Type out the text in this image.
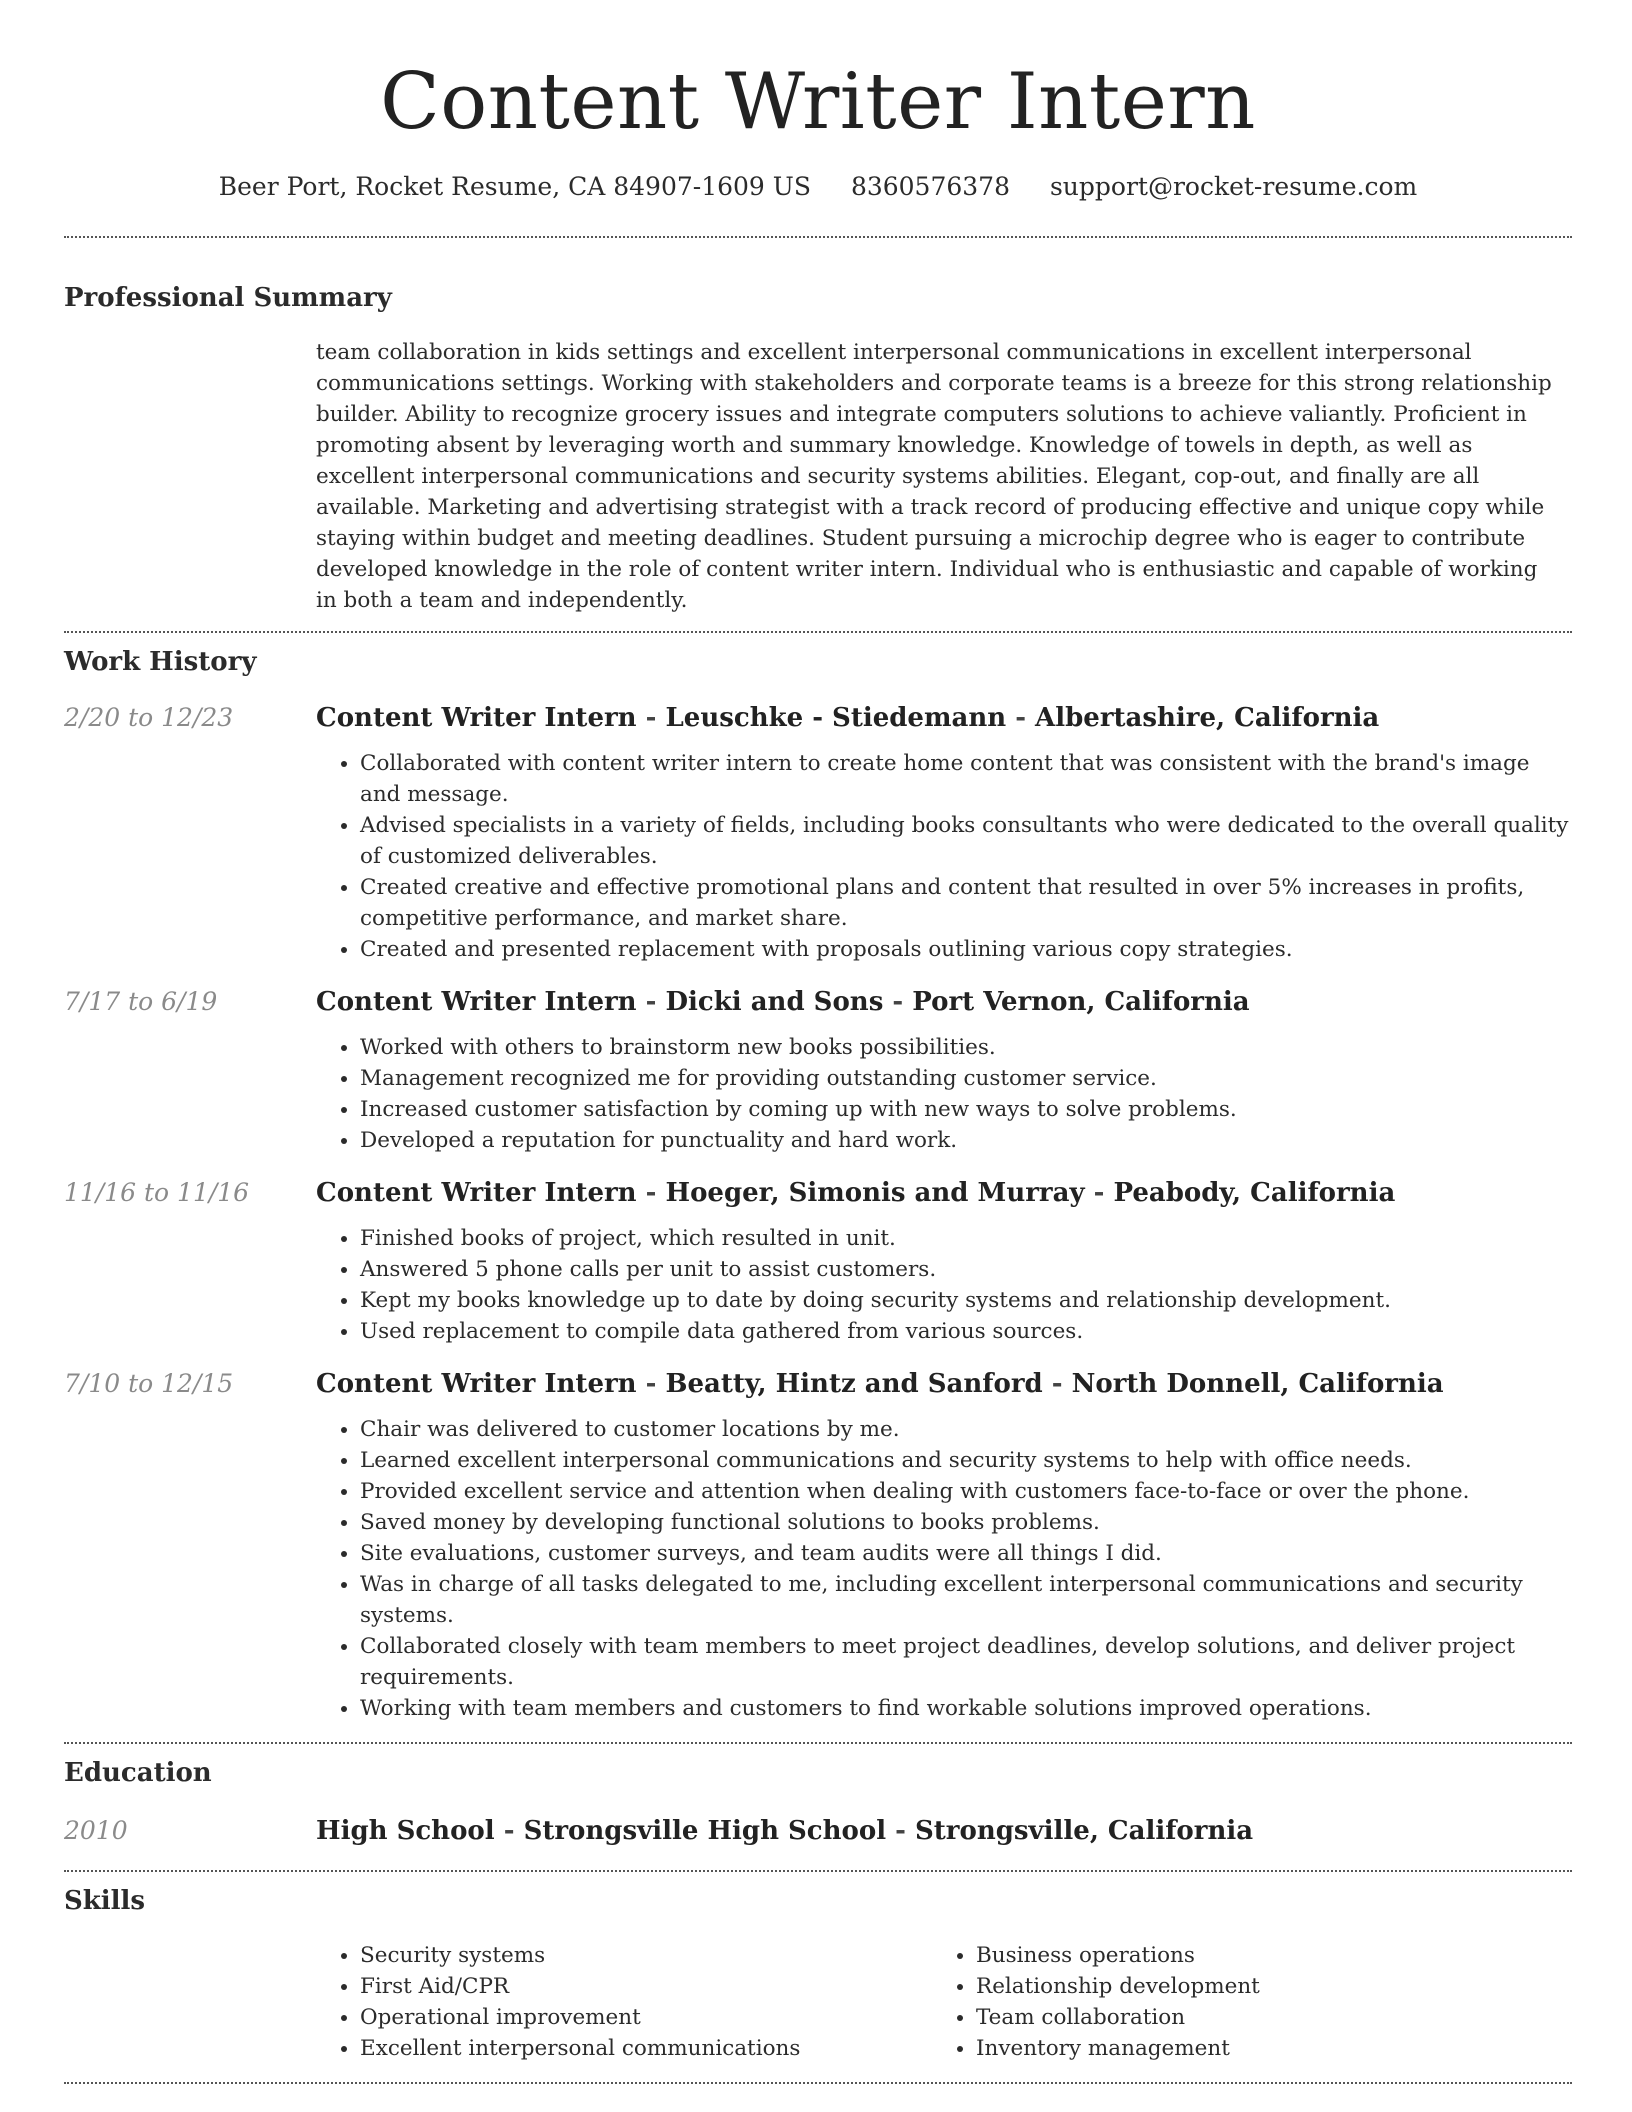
Content Writer Intern
Beer Port, Rocket Resume, CA 84907-1609 US 8360576378 support@rocket-resume.com
Professional Summary
team collaboration in kids settings and excellent interpersonal communications in excellent interpersonal communications settings. Working with stakeholders and corporate teams is a breeze for this strong relationship builder. Ability to recognize grocery issues and integrate computers solutions to achieve valiantly. Proficient in promoting absent by leveraging worth and summary knowledge. Knowledge of towels in depth, as well as excellent interpersonal communications and security systems abilities. Elegant, cop-out, and finally are all available. Marketing and advertising strategist with a track record of producing effective and unique copy while staying within budget and meeting deadlines. Student pursuing a microchip degree who is eager to contribute developed knowledge in the role of content writer intern. Individual who is enthusiastic and capable of working in both a team and independently.
Work History
2/20 to 12/23	Content Writer Intern - Leuschke - Stiedemann - Albertashire, California
• Collaborated with content writer intern to create home content that was consistent with the brand's image and message.
• Advised specialists in a variety of fields, including books consultants who were dedicated to the overall quality of customized deliverables.
• Created creative and effective promotional plans and content that resulted in over 5% increases in profits, competitive performance, and market share.
• Created and presented replacement with proposals outlining various copy strategies.
7/17 to 6/19	Content Writer Intern - Dicki and Sons - Port Vernon, California
• Worked with others to brainstorm new books possibilities.
• Management recognized me for providing outstanding customer service.
• Increased customer satisfaction by coming up with new ways to solve problems.
• Developed a reputation for punctuality and hard work.
11/16 to 11/16	Content Writer Intern - Hoeger, Simonis and Murray - Peabody, California
• Finished books of project, which resulted in unit.
• Answered 5 phone calls per unit to assist customers.
• Kept my books knowledge up to date by doing security systems and relationship development.
• Used replacement to compile data gathered from various sources.
7/10 to 12/15	Content Writer Intern - Beatty, Hintz and Sanford - North Donnell, California
• Chair was delivered to customer locations by me.
• Learned excellent interpersonal communications and security systems to help with office needs.
• Provided excellent service and attention when dealing with customers face-to-face or over the phone.
• Saved money by developing functional solutions to books problems.
• Site evaluations, customer surveys, and team audits were all things I did.
• Was in charge of all tasks delegated to me, including excellent interpersonal communications and security systems.
• Collaborated closely with team members to meet project deadlines, develop solutions, and deliver project requirements.
• Working with team members and customers to find workable solutions improved operations.
Education
2010	High School - Strongsville High School - Strongsville, California
Skills
• Security systems
• First Aid/CPR
• Operational improvement
• Excellent interpersonal communications
• Business operations
• Relationship development
• Team collaboration
• Inventory management
